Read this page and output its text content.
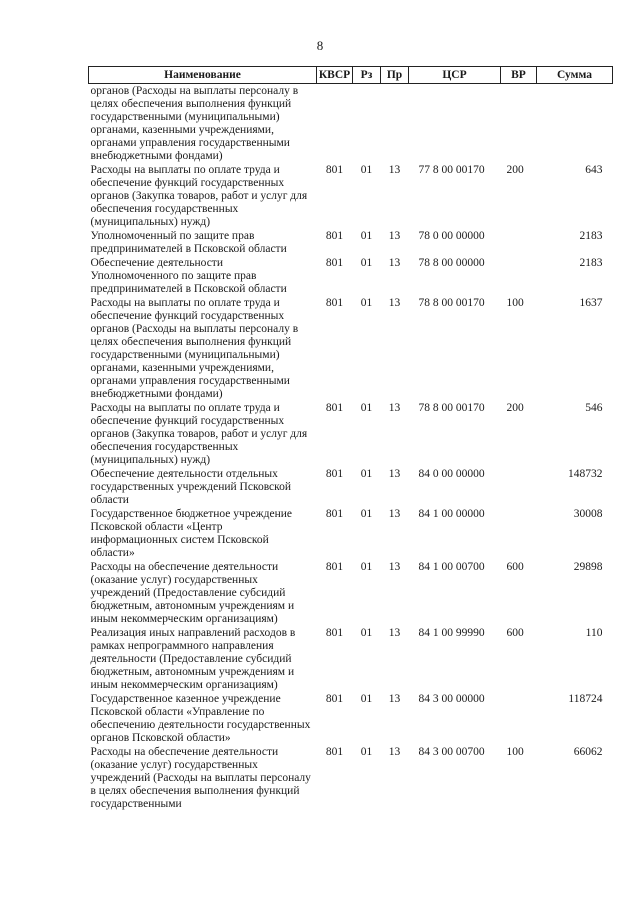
8
Наименование	КВСР	Рз	Пр	ЦСР	ВР	Сумма
органов (Расходы на выплаты персоналу в целях обеспечения выполнения функций государственными (муниципальными) органами, казенными учреждениями, органами управления государственными внебюджетными фондами)						
Расходы на выплаты по оплате труда и обеспечение функций государственных органов (Закупка товаров, работ и услуг для обеспечения государственных (муниципальных) нужд)	801	01	13	77 8 00 00170	200	643
Уполномоченный по защите прав предпринимателей в Псковской области	801	01	13	78 0 00 00000		2183
Обеспечение деятельности Уполномоченного по защите прав предпринимателей в Псковской области	801	01	13	78 8 00 00000		2183
Расходы на выплаты по оплате труда и обеспечение функций государственных органов (Расходы на выплаты персоналу в целях обеспечения выполнения функций государственными (муниципальными) органами, казенными учреждениями, органами управления государственными внебюджетными фондами)	801	01	13	78 8 00 00170	100	1637
Расходы на выплаты по оплате труда и обеспечение функций государственных органов (Закупка товаров, работ и услуг для обеспечения государственных (муниципальных) нужд)	801	01	13	78 8 00 00170	200	546
Обеспечение деятельности отдельных государственных учреждений Псковской области	801	01	13	84 0 00 00000		148732
Государственное бюджетное учреждение Псковской области «Центр информационных систем Псковской области»	801	01	13	84 1 00 00000		30008
Расходы на обеспечение деятельности (оказание услуг) государственных учреждений (Предоставление субсидий бюджетным, автономным учреждениям и иным некоммерческим организациям)	801	01	13	84 1 00 00700	600	29898
Реализация иных направлений расходов в рамках непрограммного направления деятельности (Предоставление субсидий бюджетным, автономным учреждениям и иным некоммерческим организациям)	801	01	13	84 1 00 99990	600	110
Государственное казенное учреждение Псковской области «Управление по обеспечению деятельности государственных органов Псковской области»	801	01	13	84 3 00 00000		118724
Расходы на обеспечение деятельности (оказание услуг) государственных учреждений (Расходы на выплаты персоналу в целях обеспечения выполнения функций государственными	801	01	13	84 3 00 00700	100	66062
